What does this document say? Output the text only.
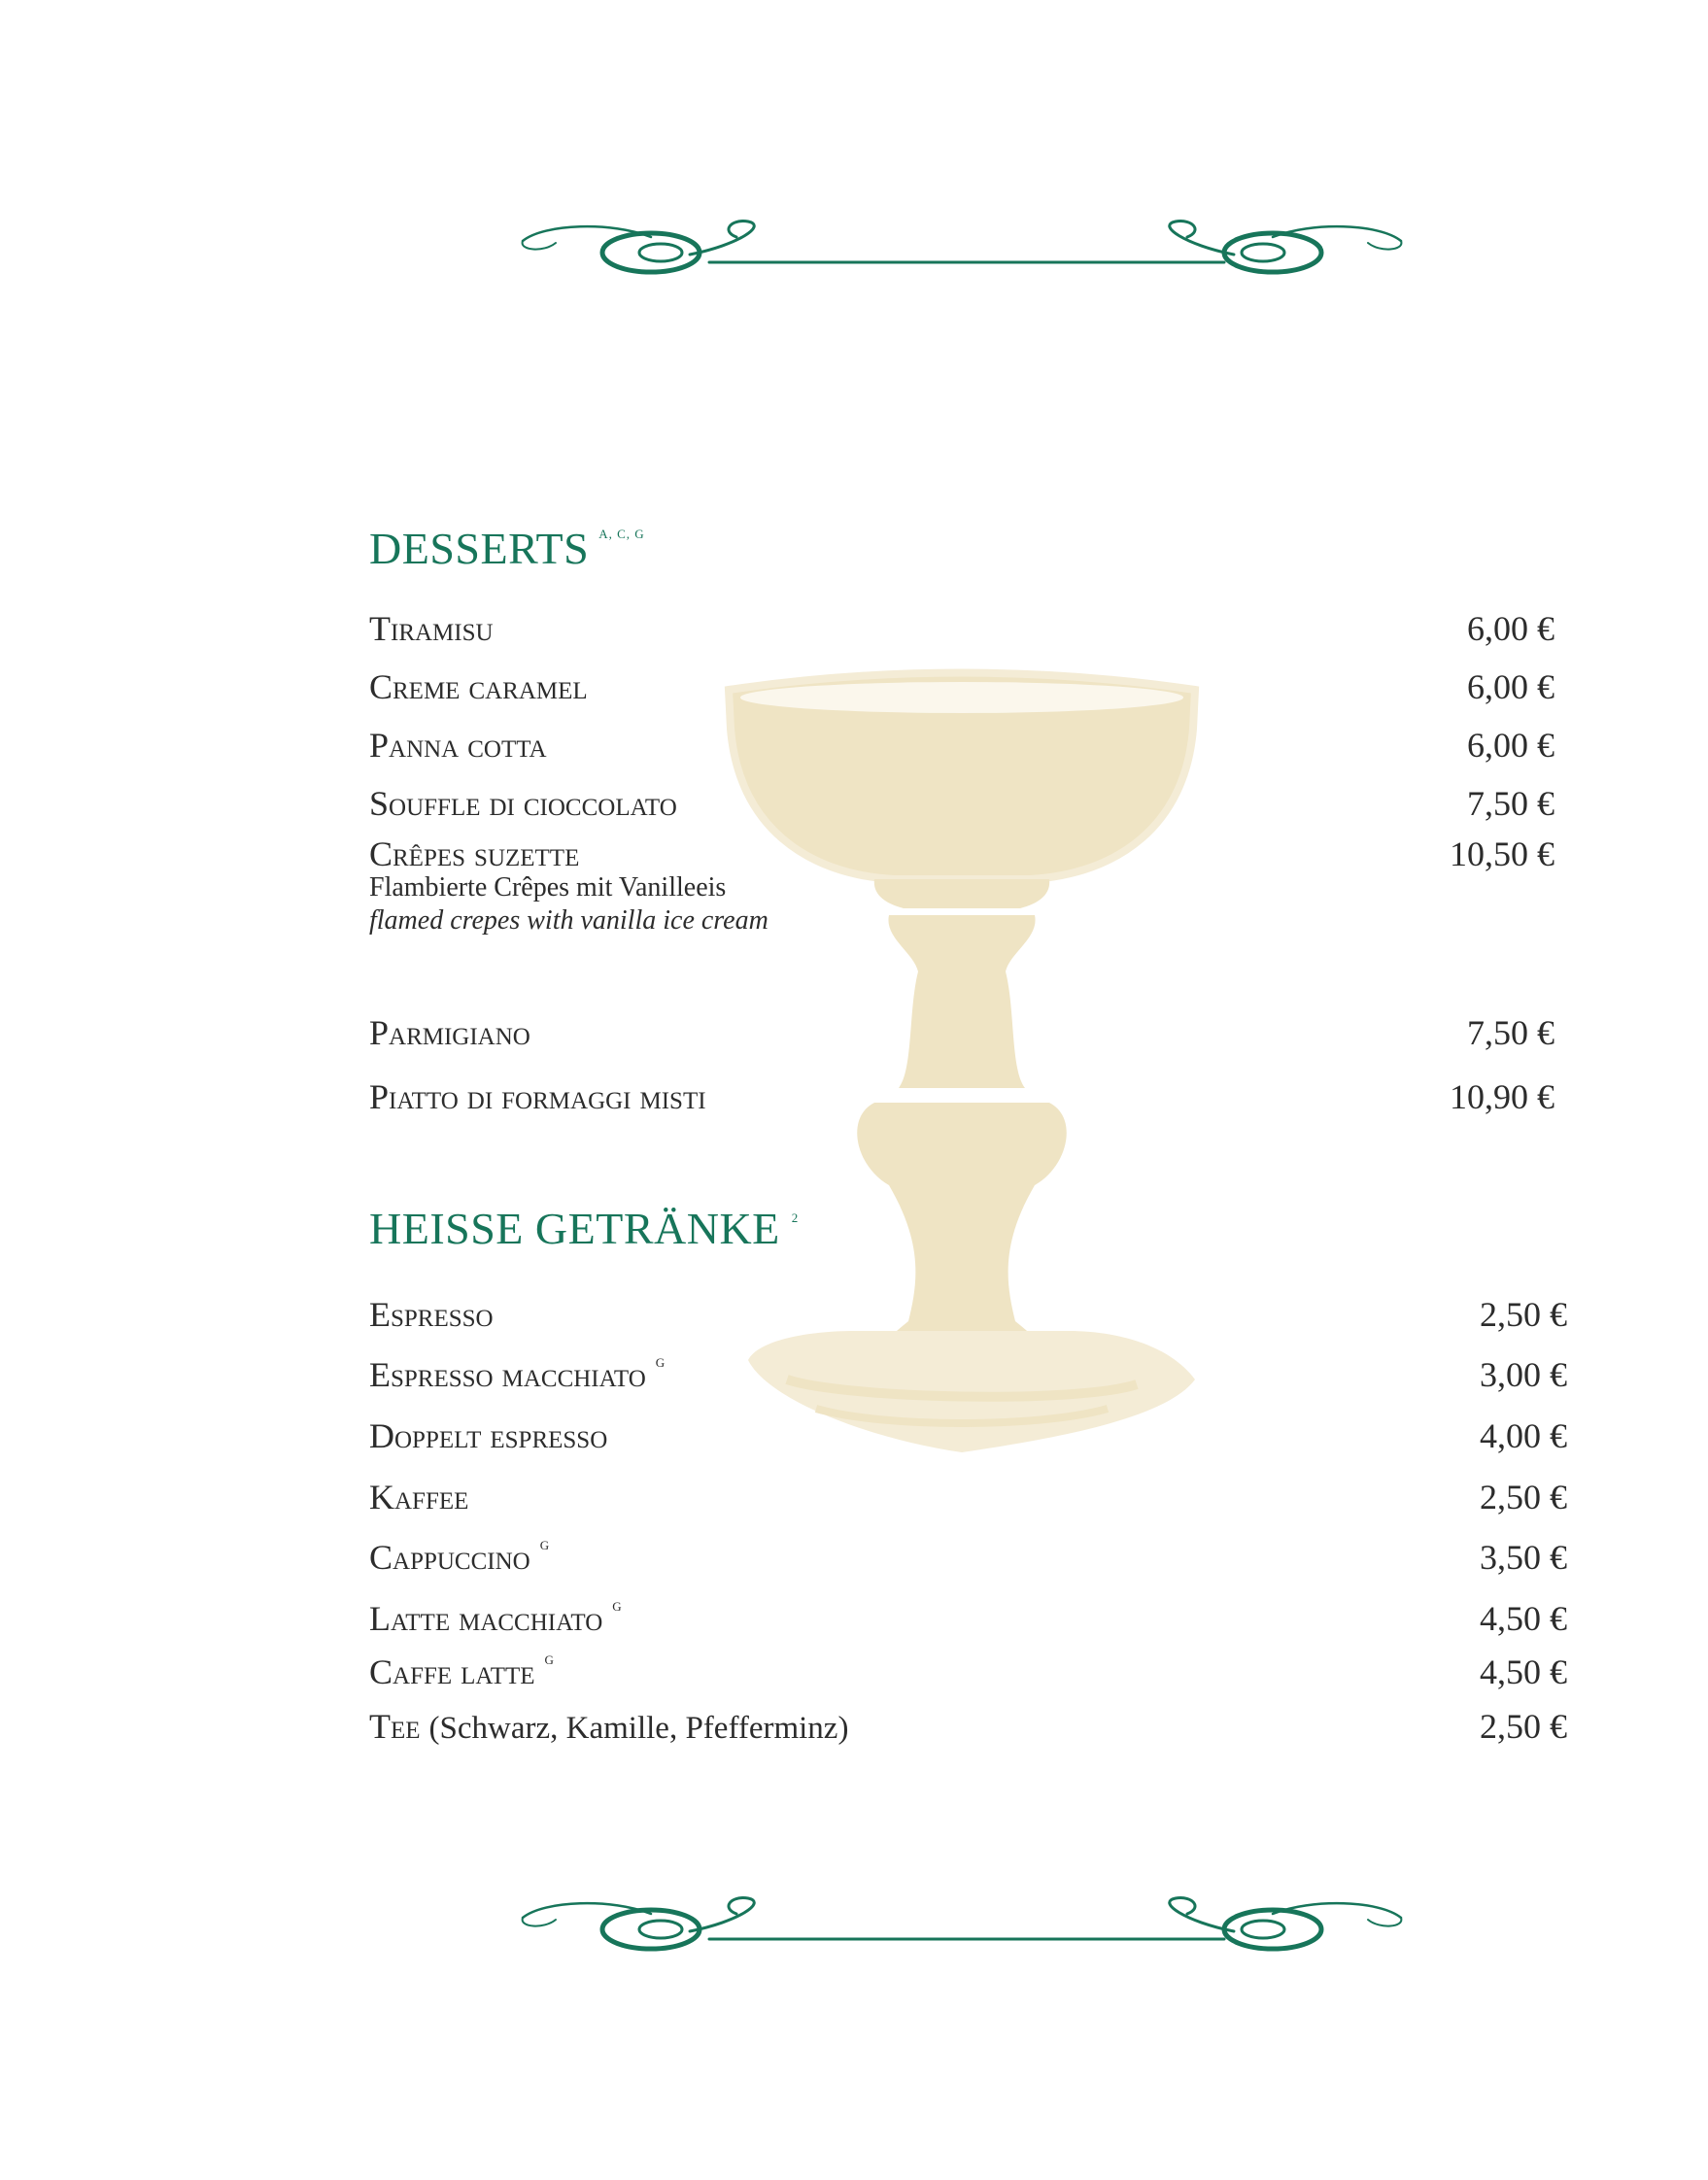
DESSERTS $^{A, C, G}$
Tiramisu	6,00 €
Creme caramel	6,00 €
Panna cotta	6,00 €
Souffle di cioccolato	7,50 €
Crêpes suzette	10,50 €
Flambierte Crêpes mit Vanilleeis
flamed crepes with vanilla ice cream
Parmigiano	7,50 €
Piatto di formaggi misti	10,90 €
HEISSE GETRÄNKE $^2$
Espresso	2,50 €
Espresso macchiato $^G$	3,00 €
Doppelt espresso	4,00 €
Kaffee	2,50 €
Cappuccino $^G$	3,50 €
Latte macchiato $^G$	4,50 €
Caffe latte $^G$	4,50 €
Tee (Schwarz, Kamille, Pfefferminz)	2,50 €
